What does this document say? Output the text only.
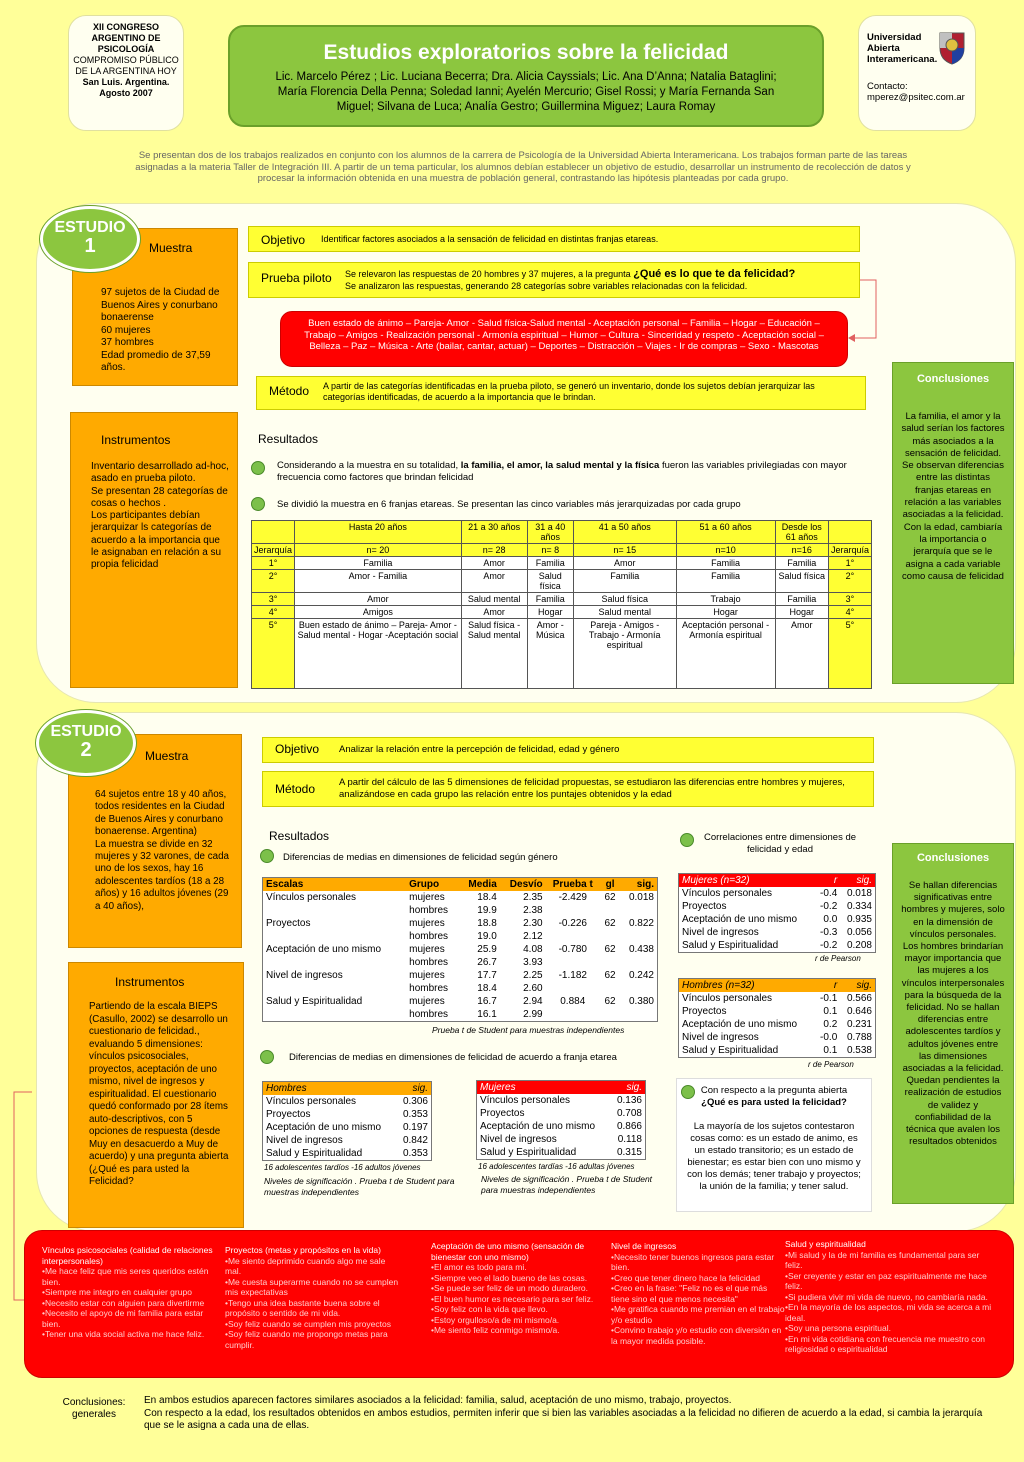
XII CONGRESO ARGENTINO DE PSICOLOGÍA
COMPROMISO PÚBLICO DE LA ARGENTINA HOY
San Luis. Argentina.
Agosto 2007
Estudios exploratorios sobre la felicidad
Lic. Marcelo Pérez ; Lic. Luciana Becerra; Dra. Alicia Cayssials; Lic. Ana D’Anna; Natalia Bataglini; María Florencia Della Penna; Soledad Ianni; Ayelén Mercurio; Gisel Rossi; y María Fernanda San Miguel; Silvana de Luca; Analía Gestro; Guillermina Miguez; Laura Romay
Universidad Abierta Interamericana.
Contacto:
mperez@psitec.com.ar
Se presentan dos de los trabajos realizados en conjunto con los alumnos de la carrera de Psicología de la Universidad Abierta Interamericana. Los trabajos forman parte de las tareas asignadas a la materia Taller de Integración III. A partir de un tema particular, los alumnos debían establecer un objetivo de estudio, desarrollar un instrumento de recolección de datos y procesar la información obtenida en una muestra de población general, contrastando las hipótesis planteadas por cada grupo.
Muestra
97 sujetos de la Ciudad de Buenos Aires y conurbano bonaerense
60 mujeres
37 hombres
Edad promedio de 37,59 años.
ESTUDIO
1
Instrumentos
Inventario desarrollado ad-hoc, asado en prueba piloto.
Se presentan 28 categorías de cosas o hechos .
Los participantes debían jerarquizar ls categorías de acuerdo a la importancia que le asignaban en relación a su propia felicidad
Objetivo Identificar factores asociados a la sensación de felicidad en distintas franjas etareas.
Prueba piloto Se relevaron las respuestas de 20 hombres y 37 mujeres, a la pregunta ¿Qué es lo que te da felicidad?
Se analizaron las respuestas, generando 28 categorías sobre variables relacionadas con la felicidad.
Buen estado de ánimo – Pareja- Amor - Salud física-Salud mental - Aceptación personal – Familia – Hogar – Educación – Trabajo – Amigos - Realización personal - Armonía espiritual – Humor – Cultura - Sinceridad y respeto - Aceptación social – Belleza – Paz – Música - Arte (bailar, cantar, actuar) – Deportes – Distracción – Viajes - Ir de compras – Sexo - Mascotas
Método A partir de las categorías identificadas en la prueba piloto, se generó un inventario, donde los sujetos debían jerarquizar las categorías identificadas, de acuerdo a la importancia que le brindan.
Resultados
Considerando a la muestra en su totalidad, la familia, el amor, la salud mental y la física fueron las variables privilegiadas con mayor frecuencia como factores que brindan felicidad
Se dividió la muestra en 6 franjas etareas. Se presentan las cinco variables más jerarquizadas por cada grupo
	Hasta 20 años	21 a 30 años	31 a 40 años	41 a 50 años	51 a 60 años	Desde los 61 años	
Jerarquía	n= 20	n= 28	n= 8	n= 15	n=10	n=16	Jerarquía
1°	Familia	Amor	Familia	Amor	Familia	Familia	1°
2°	Amor - Familia	Amor	Salud física	Familia	Familia	Salud física	2°
3°	Amor	Salud mental	Familia	Salud física	Trabajo	Familia	3°
4°	Amigos	Amor	Hogar	Salud mental	Hogar	Hogar	4°
5°	Buen estado de ánimo – Pareja- Amor - Salud mental - Hogar -Aceptación social	Salud física - Salud mental	Amor - Música	Pareja - Amigos - Trabajo - Armonía espiritual	Aceptación personal - Armonía espiritual	Amor	5°
Conclusiones
La familia, el amor y la salud serían los factores más asociados a la sensación de felicidad. Se observan diferencias entre las distintas franjas etareas en relación a las variables asociadas a la felicidad. Con la edad, cambiaría la importancia o jerarquía que se le asigna a cada variable como causa de felicidad
Muestra
64 sujetos entre 18 y 40 años, todos residentes en la Ciudad de Buenos Aires y conurbano bonaerense. Argentina)
La muestra se divide en 32 mujeres y 32 varones, de cada uno de los sexos, hay 16 adolescentes tardíos (18 a 28 años) y 16 adultos jóvenes (29 a 40 años),
ESTUDIO
2
Instrumentos
Partiendo de la escala BIEPS (Casullo, 2002) se desarrollo un cuestionario de felicidad., evaluando 5 dimensiones: vínculos psicosociales, proyectos, aceptación de uno mismo, nivel de ingresos y espiritualidad. El cuestionario quedó conformado por 28 ítems auto-descriptivos, con 5 opciones de respuesta (desde Muy en desacuerdo a Muy de acuerdo) y una pregunta abierta (¿Qué es para usted la Felicidad?
Objetivo Analizar la relación entre la percepción de felicidad, edad y género
Método	A partir del cálculo de las 5 dimensiones de felicidad propuestas, se estudiaron las diferencias entre hombres y mujeres, analizándose en cada grupo las relación entre los puntajes obtenidos y la edad
Resultados
Diferencias de medias en dimensiones de felicidad según género
Escalas	Grupo	Media	Desvío	Prueba t	gl	sig.
Vínculos personales	mujeres	18.4	2.35	-2.429	62	0.018
	hombres	19.9	2.38			
Proyectos	mujeres	18.8	2.30	-0.226	62	0.822
	hombres	19.0	2.12			
Aceptación de uno mismo	mujeres	25.9	4.08	-0.780	62	0.438
	hombres	26.7	3.93			
Nivel de ingresos	mujeres	17.7	2.25	-1.182	62	0.242
	hombres	18.4	2.60			
Salud y Espiritualidad	mujeres	16.7	2.94	0.884	62	0.380
	hombres	16.1	2.99			
Prueba t de Student para muestras independientes
Diferencias de medias en dimensiones de felicidad de acuerdo a franja etarea
Hombres	sig.
Vínculos personales	0.306
Proyectos	0.353
Aceptación de uno mismo	0.197
Nivel de ingresos	0.842
Salud y Espiritualidad	0.353
16 adolescentes tardíos -16 adultos jóvenes
Niveles de significación . Prueba t de Student para muestras independientes
Mujeres	sig.
Vínculos personales	0.136
Proyectos	0.708
Aceptación de uno mismo	0.866
Nivel de ingresos	0.118
Salud y Espiritualidad	0.315
16 adolescentes tardías -16 adultas jóvenes
Niveles de significación . Prueba t de Student para muestras independientes
Correlaciones entre dimensiones de felicidad y edad
Mujeres (n=32)	r	sig.
Vínculos personales	-0.4	0.018
Proyectos	-0.2	0.334
Aceptación de uno mismo	0.0	0.935
Nivel de ingresos	-0.3	0.056
Salud y Espiritualidad	-0.2	0.208
r de Pearson
Hombres (n=32)	r	sig.
Vínculos personales	-0.1	0.566
Proyectos	0.1	0.646
Aceptación de uno mismo	0.2	0.231
Nivel de ingresos	-0.0	0.788
Salud y Espiritualidad	0.1	0.538
r de Pearson
Con respecto a la pregunta abierta
¿Qué es para usted la felicidad?
La mayoría de los sujetos contestaron cosas como: es un estado de animo, es un estado transitorio; es un estado de bienestar; es estar bien con uno mismo y con los demás; tener trabajo y proyectos; la unión de la familia; y tener salud.
Conclusiones
Se hallan diferencias significativas entre hombres y mujeres, solo en la dimensión de vínculos personales. Los hombres brindarían mayor importancia que las mujeres a los vínculos interpersonales para la búsqueda de la felicidad. No se hallan diferencias entre adolescentes tardíos y adultos jóvenes entre las dimensiones asociadas a la felicidad. Quedan pendientes la realización de estudios de validez y confiabilidad de la técnica que avalen los resultados obtenidos
Vínculos psicosociales (calidad de relaciones interpersonales)
•Me hace feliz que mis seres queridos estén bien.
•Siempre me integro en cualquier grupo
•Necesito estar con alguien para divertirme
•Necesito el apoyo de mi familia para estar bien.
•Tener una vida social activa me hace feliz.
Proyectos (metas y propósitos en la vida)
•Me siento deprimido cuando algo me sale mal.
•Me cuesta superarme cuando no se cumplen mis expectativas
•Tengo una idea bastante buena sobre el propósito o sentido de mi vida.
•Soy feliz cuando se cumplen mis proyectos
•Soy feliz cuando me propongo metas para cumplir.
Aceptación de uno mismo (sensación de bienestar con uno mismo)
•El amor es todo para mi.
•Siempre veo el lado bueno de las cosas.
•Se puede ser feliz de un modo duradero.
•El buen humor es necesario para ser feliz.
•Soy feliz con la vida que llevo.
•Estoy orgulloso/a de mi mismo/a.
•Me siento feliz conmigo mismo/a.
Nivel de ingresos
•Necesito tener buenos ingresos para estar bien.
•Creo que tener dinero hace la felicidad
•Creo en la frase: "Feliz no es el que más tiene sino el que menos necesita"
•Me gratifica cuando me premian en el trabajo y/o estudio
•Convino trabajo y/o estudio con diversión en la mayor medida posible.
Salud y espiritualidad
•Mi salud y la de mi familia es fundamental para ser feliz.
•Ser creyente y estar en paz espiritualmente me hace feliz.
•Si pudiera vivir mi vida de nuevo, no cambiaría nada.
•En la mayoría de los aspectos, mi vida se acerca a mi ideal.
•Soy una persona espiritual.
•En mi vida cotidiana con frecuencia me muestro con religiosidad o espiritualidad
Conclusiones: generales
En ambos estudios aparecen factores similares asociados a la felicidad: familia, salud, aceptación de uno mismo, trabajo, proyectos.
Con respecto a la edad, los resultados obtenidos en ambos estudios, permiten inferir que si bien las variables asociadas a la felicidad no difieren de acuerdo a la edad, si cambia la jerarquía que se le asigna a cada una de ellas.
